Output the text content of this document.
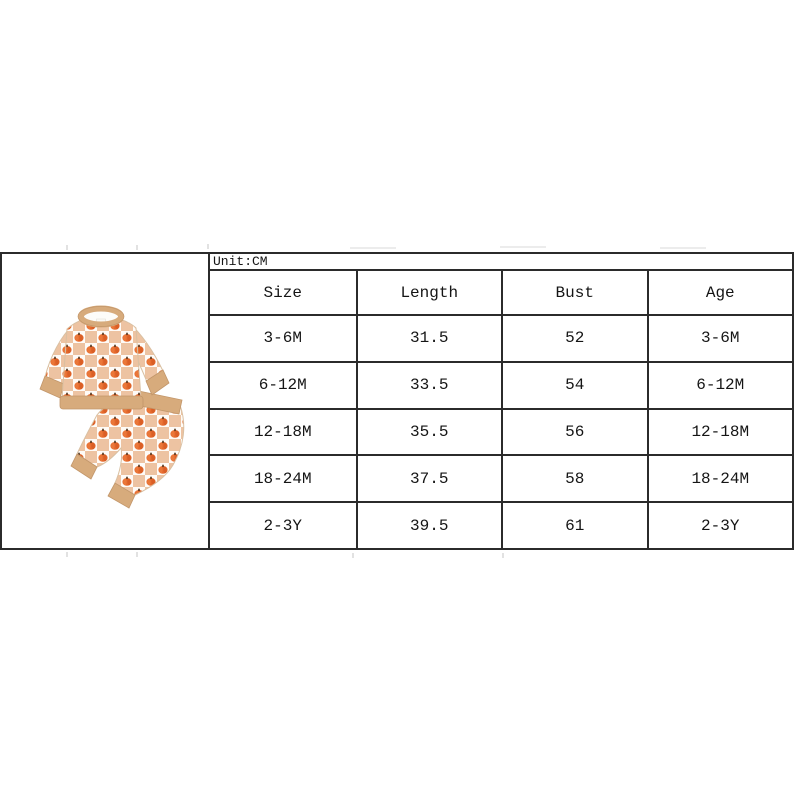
Unit:CM
Size	Length	Bust	Age
3-6M	31.5	52	3-6M
6-12M	33.5	54	6-12M
12-18M	35.5	56	12-18M
18-24M	37.5	58	18-24M
2-3Y	39.5	61	2-3Y
